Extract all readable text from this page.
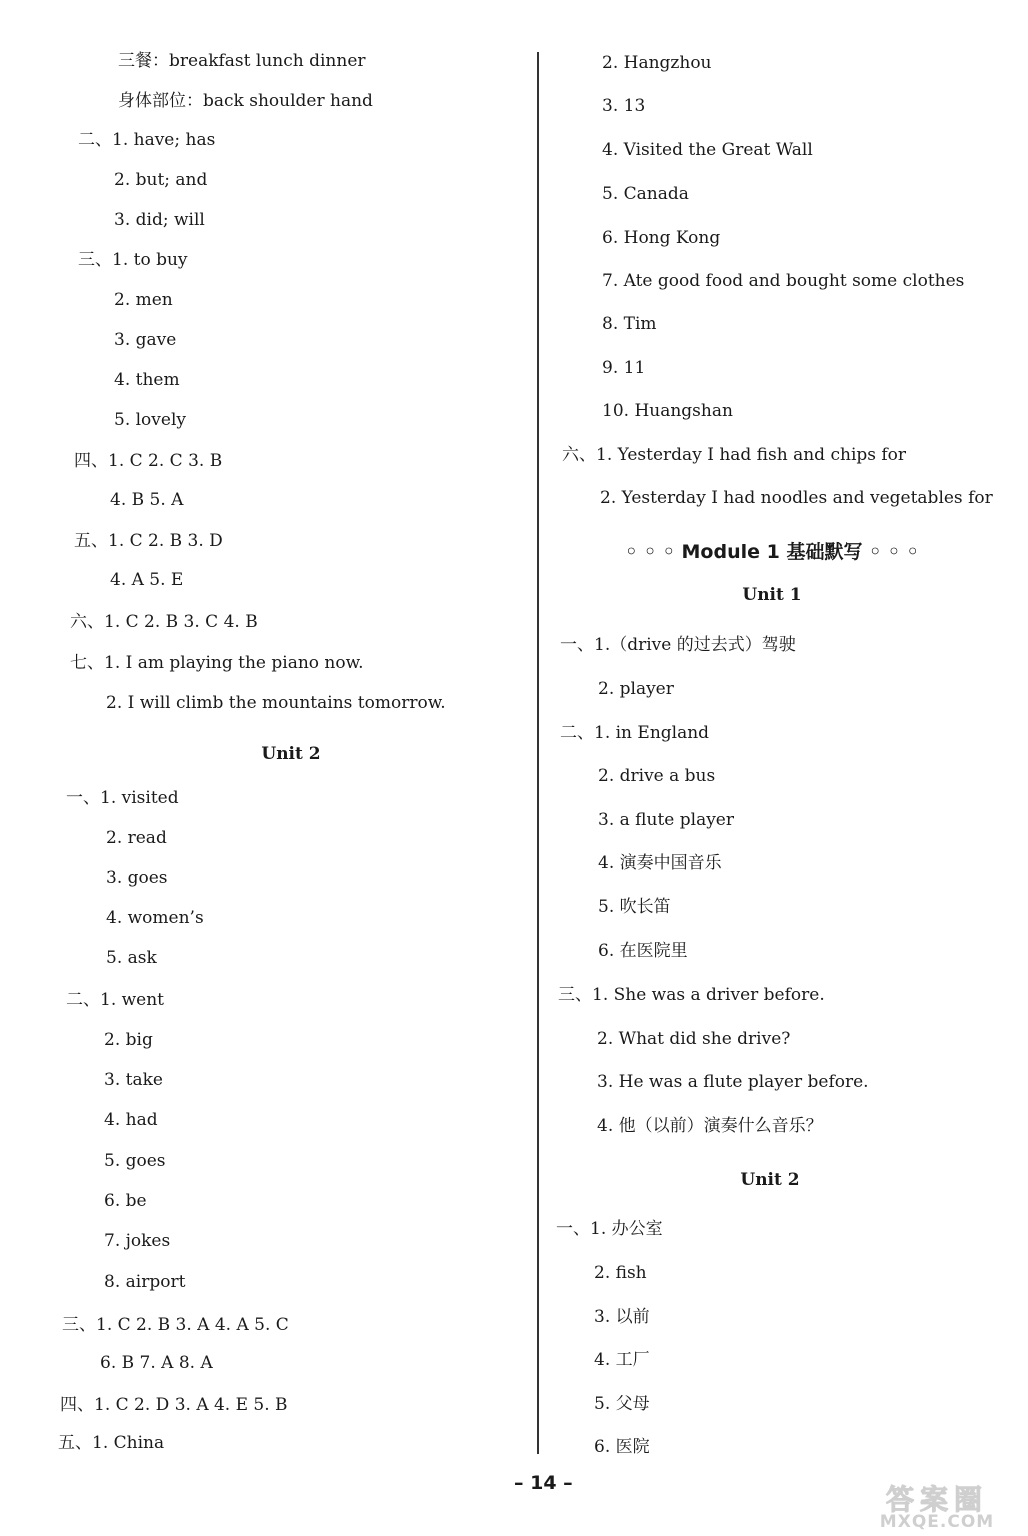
三餐：breakfast lunch dinner
身体部位：back shoulder hand
二、1. have; has
2. but; and
3. did; will
三、1. to buy
2. men
3. gave
4. them
5. lovely
四、1. C 2. C 3. B
4. B 5. A
五、1. C 2. B 3. D
4. A 5. E
六、1. C 2. B 3. C 4. B
七、1. I am playing the piano now.
2. I will climb the mountains tomorrow.
Unit 2
一、1. visited
2. read
3. goes
4. women’s
5. ask
二、1. went
2. big
3. take
4. had
5. goes
6. be
7. jokes
8. airport
三、1. C 2. B 3. A 4. A 5. C
6. B 7. A 8. A
四、1. C 2. D 3. A 4. E 5. B
五、1. China
2. Hangzhou
3. 13
4. Visited the Great Wall
5. Canada
6. Hong Kong
7. Ate good food and bought some clothes
8. Tim
9. 11
10. Huangshan
六、1. Yesterday I had fish and chips for
2. Yesterday I had noodles and vegetables for
◦ ◦ ◦ Module 1 基础默写 ◦ ◦ ◦
Unit 1
一、1.（drive 的过去式）驾驶
2. player
二、1. in England
2. drive a bus
3. a flute player
4. 演奏中国音乐
5. 吹长笛
6. 在医院里
三、1. She was a driver before.
2. What did she drive?
3. He was a flute player before.
4. 他（以前）演奏什么音乐？
Unit 2
一、1. 办公室
2. fish
3. 以前
4. 工厂
5. 父母
6. 医院
– 14 –	答案圈
MXQE.COM
